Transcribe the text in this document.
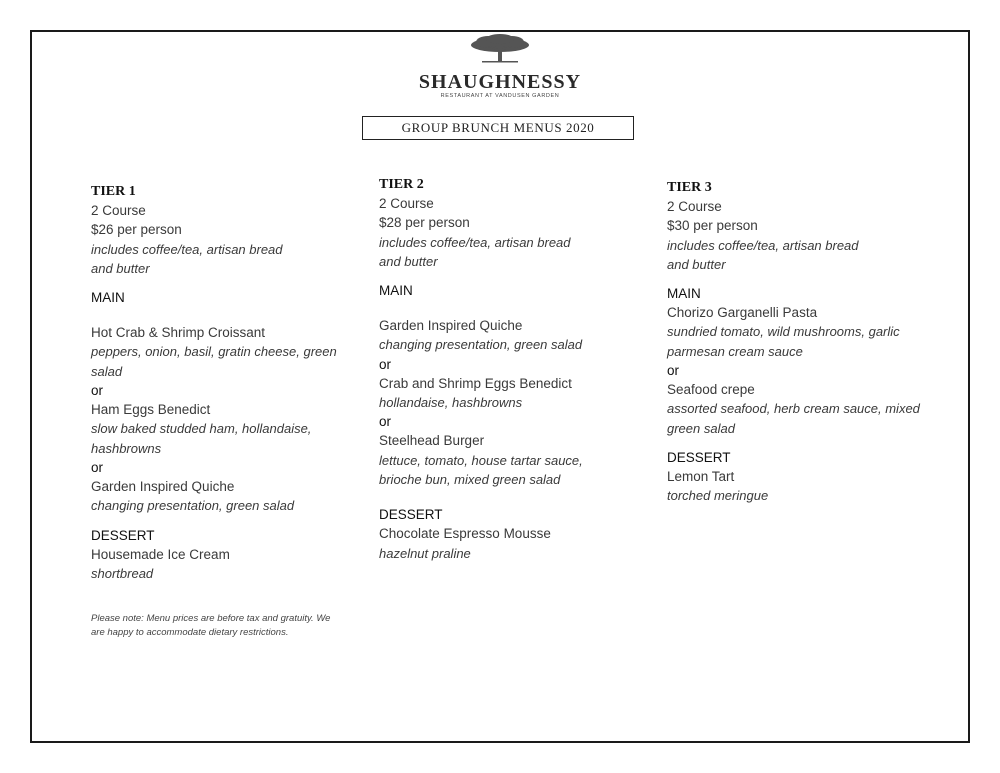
SHAUGHNESSY
RESTAURANT AT VANDUSEN GARDEN
GROUP BRUNCH MENUS 2020
TIER 1
2 Course
$26 per person
includes coffee/tea, artisan bread
and butter
MAIN
Hot Crab & Shrimp Croissant
peppers, onion, basil, gratin cheese, green
salad
or
Ham Eggs Benedict
slow baked studded ham, hollandaise,
hashbrowns
or
Garden Inspired Quiche
changing presentation, green salad
DESSERT
Housemade Ice Cream
shortbread
TIER 2
2 Course
$28 per person
includes coffee/tea, artisan bread
and butter
MAIN
Garden Inspired Quiche
changing presentation, green salad
or
Crab and Shrimp Eggs Benedict
hollandaise, hashbrowns
or
Steelhead Burger
lettuce, tomato, house tartar sauce,
brioche bun, mixed green salad
DESSERT
Chocolate Espresso Mousse
hazelnut praline
TIER 3
2 Course
$30 per person
includes coffee/tea, artisan bread
and butter
MAIN
Chorizo Garganelli Pasta
sundried tomato, wild mushrooms, garlic
parmesan cream sauce
or
Seafood crepe
assorted seafood, herb cream sauce, mixed
green salad
DESSERT
Lemon Tart
torched meringue
Please note: Menu prices are before tax and gratuity. We
are happy to accommodate dietary restrictions.
